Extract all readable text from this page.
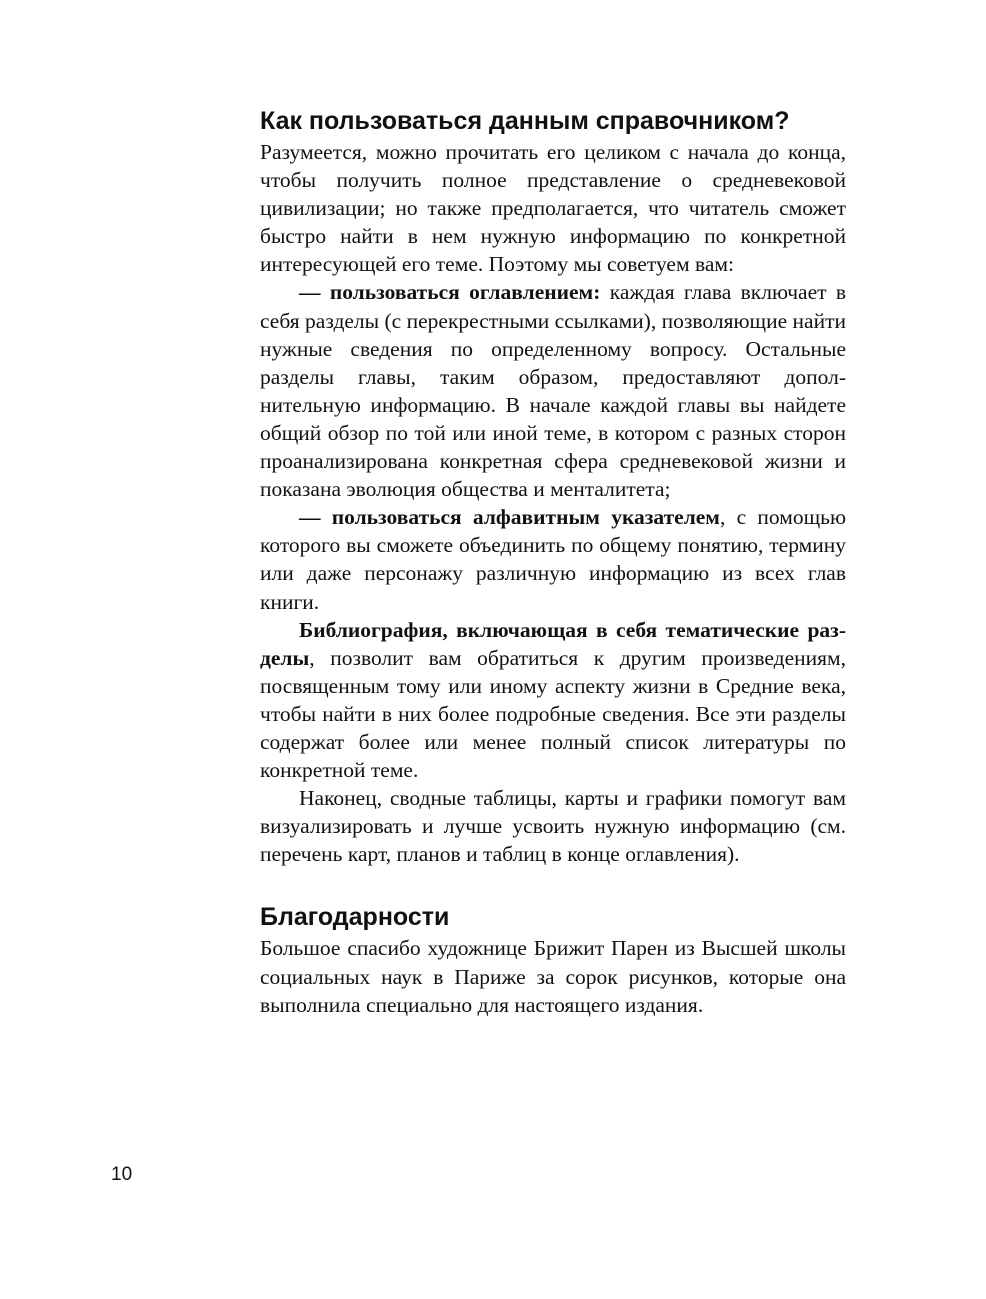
Как пользоваться данным справочником?

Разумеется, можно прочитать его целиком с начала до конца, чтобы получить полное представление о средневековой цивилизации; но также предполагается, что читатель сможет быстро найти в нем нужную информацию по конкретной интересующей его теме. Поэтому мы советуем вам:

— пользоваться оглавлением: каждая глава включает в себя разделы (с перекрестными ссылками), позволяющие найти нужные сведения по определенному вопросу. Остальные разделы главы, таким образом, предоставляют дополнительную информацию. В начале каждой главы вы найдете общий обзор по той или иной теме, в котором с разных сторон проанализирована конкретная сфера средневековой жизни и показана эволюция общества и менталитета;

— пользоваться алфавитным указателем, с помощью которого вы сможете объединить по общему понятию, термину или даже персонажу различную информацию из всех глав книги.

Библиография, включающая в себя тематические разделы, позволит вам обратиться к другим произведениям, посвященным тому или иному аспекту жизни в Средние века, чтобы найти в них более подробные сведения. Все эти разделы содержат более или менее полный список литературы по конкретной теме.

Наконец, сводные таблицы, карты и графики помогут вам визуализировать и лучше усвоить нужную информацию (см. перечень карт, планов и таблиц в конце оглавления).

Благодарности

Большое спасибо художнице Брижит Парен из Высшей школы социальных наук в Париже за сорок рисунков, которые она выполнила специально для настоящего издания.

10
